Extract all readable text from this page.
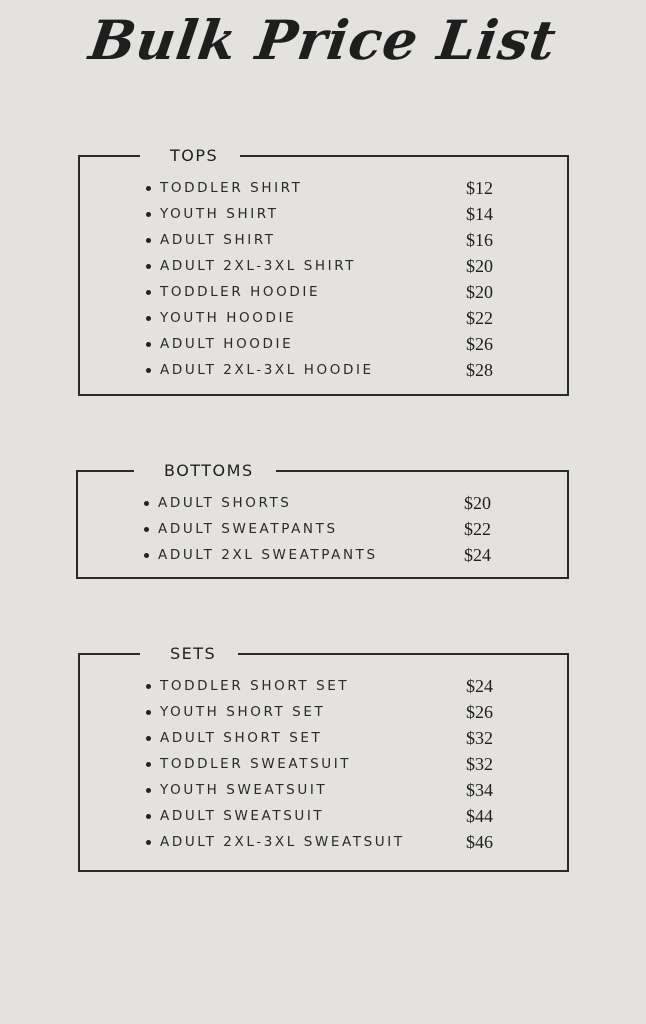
Bulk Price List
TOPS
TODDLER SHIRT	$12
YOUTH SHIRT	$14
ADULT SHIRT	$16
ADULT 2XL-3XL SHIRT	$20
TODDLER HOODIE	$20
YOUTH HOODIE	$22
ADULT HOODIE	$26
ADULT 2XL-3XL HOODIE	$28
BOTTOMS
ADULT SHORTS	$20
ADULT SWEATPANTS	$22
ADULT 2XL SWEATPANTS	$24
SETS
TODDLER SHORT SET	$24
YOUTH SHORT SET	$26
ADULT SHORT SET	$32
TODDLER SWEATSUIT	$32
YOUTH SWEATSUIT	$34
ADULT SWEATSUIT	$44
ADULT 2XL-3XL SWEATSUIT	$46
